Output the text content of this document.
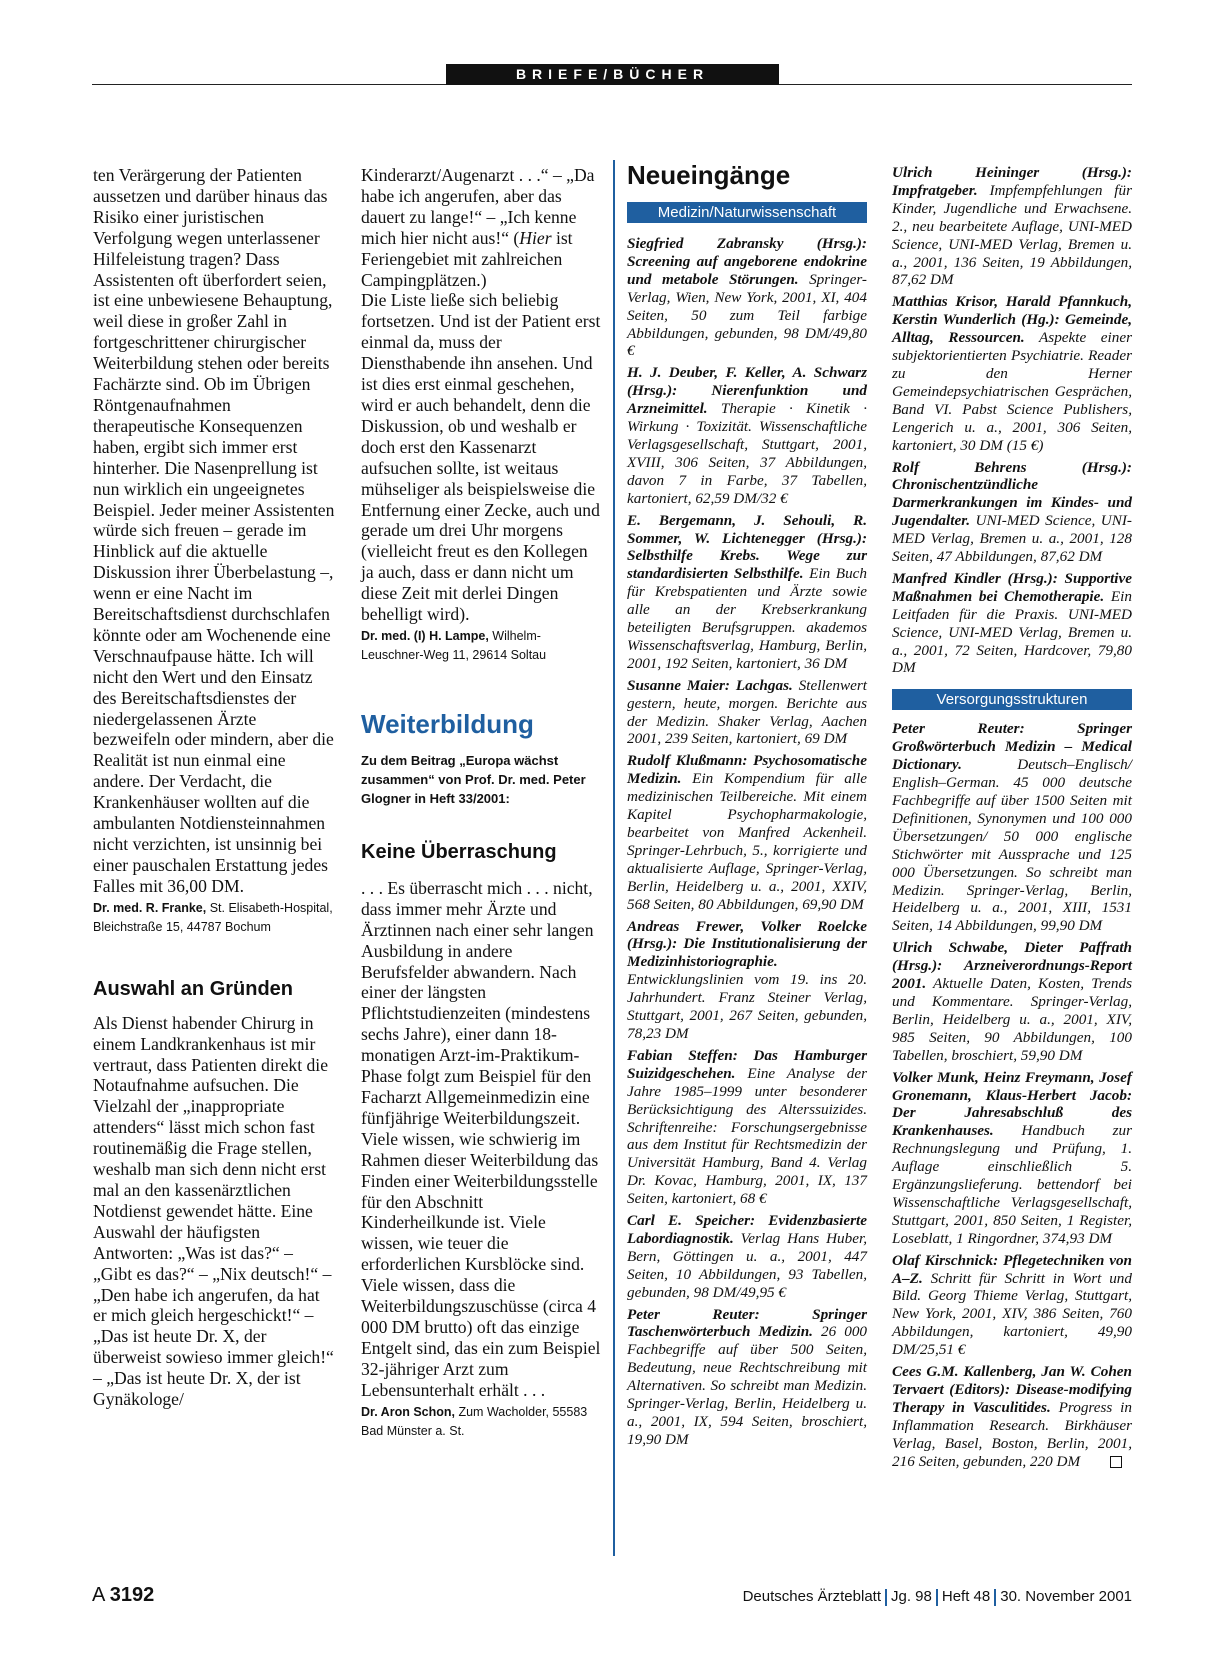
BRIEFE/BÜCHER

ten Verärgerung der Patienten aussetzen und darüber hinaus das Risiko einer juristischen Verfolgung wegen unterlassener Hilfeleistung tragen? Dass Assistenten oft überfordert seien, ist eine unbewiesene Behauptung, weil diese in großer Zahl in fortgeschrittener chirurgischer Weiterbildung stehen oder bereits Fachärzte sind. Ob im Übrigen Röntgenaufnahmen therapeutische Konsequenzen haben, ergibt sich immer erst hinterher. Die Nasenprellung ist nun wirklich ein ungeeignetes Beispiel. Jeder meiner Assistenten würde sich freuen – gerade im Hinblick auf die aktuelle Diskussion ihrer Überbelastung –, wenn er eine Nacht im Bereitschaftsdienst durchschlafen könnte oder am Wochenende eine Verschnaufpause hätte. Ich will nicht den Wert und den Einsatz des Bereitschaftsdienstes der niedergelassenen Ärzte bezweifeln oder mindern, aber die Realität ist nun einmal eine andere. Der Verdacht, die Krankenhäuser wollten auf die ambulanten Notdiensteinnahmen nicht verzichten, ist unsinnig bei einer pauschalen Erstattung jedes Falles mit 36,00 DM.

Dr. med. R. Franke, St. Elisabeth-Hospital, Bleichstraße 15, 44787 Bochum

Auswahl an Gründen

Als Dienst habender Chirurg in einem Landkrankenhaus ist mir vertraut, dass Patienten direkt die Notaufnahme aufsuchen. Die Vielzahl der „inappropriate attenders“ lässt mich schon fast routinemäßig die Frage stellen, weshalb man sich denn nicht erst mal an den kassenärztlichen Notdienst gewendet hätte. Eine Auswahl der häufigsten Antworten: „Was ist das?“ – „Gibt es das?“ – „Nix deutsch!“ – „Den habe ich angerufen, da hat er mich gleich hergeschickt!“ – „Das ist heute Dr. X, der überweist sowieso immer gleich!“ – „Das ist heute Dr. X, der ist Gynäkologe/

Kinderarzt/Augenarzt . . .“ – „Da habe ich angerufen, aber das dauert zu lange!“ – „Ich kenne mich hier nicht aus!“ (Hier ist Feriengebiet mit zahlreichen Campingplätzen.)

Die Liste ließe sich beliebig fortsetzen. Und ist der Patient erst einmal da, muss der Diensthabende ihn ansehen. Und ist dies erst einmal geschehen, wird er auch behandelt, denn die Diskussion, ob und weshalb er doch erst den Kassenarzt aufsuchen sollte, ist weitaus mühseliger als beispielsweise die Entfernung einer Zecke, auch und gerade um drei Uhr morgens (vielleicht freut es den Kollegen ja auch, dass er dann nicht um diese Zeit mit derlei Dingen behelligt wird).

Dr. med. (I) H. Lampe, Wilhelm-Leuschner-Weg 11, 29614 Soltau

Weiterbildung

Zu dem Beitrag „Europa wächst zusammen“ von Prof. Dr. med. Peter Glogner in Heft 33/2001:

Keine Überraschung

. . . Es überrascht mich . . . nicht, dass immer mehr Ärzte und Ärztinnen nach einer sehr langen Ausbildung in andere Berufsfelder abwandern. Nach einer der längsten Pflichtstudienzeiten (mindestens sechs Jahre), einer dann 18-monatigen Arzt-im-Praktikum-Phase folgt zum Beispiel für den Facharzt Allgemeinmedizin eine fünfjährige Weiterbildungszeit. Viele wissen, wie schwierig im Rahmen dieser Weiterbildung das Finden einer Weiterbildungsstelle für den Abschnitt Kinderheilkunde ist. Viele wissen, wie teuer die erforderlichen Kursblöcke sind. Viele wissen, dass die Weiterbildungszuschüsse (circa 4 000 DM brutto) oft das einzige Entgelt sind, das ein zum Beispiel 32-jähriger Arzt zum Lebensunterhalt erhält . . .

Dr. Aron Schon, Zum Wacholder, 55583 Bad Münster a. St.

Neueingänge
Medizin/Naturwissenschaft

Siegfried Zabransky (Hrsg.): Screening auf angeborene endokrine und metabole Störungen. Springer-Verlag, Wien, New York, 2001, XI, 404 Seiten, 50 zum Teil farbige Abbildungen, gebunden, 98 DM/49,80 €

H. J. Deuber, F. Keller, A. Schwarz (Hrsg.): Nierenfunktion und Arzneimittel. Therapie · Kinetik · Wirkung · Toxizität. Wissenschaftliche Verlagsgesellschaft, Stuttgart, 2001, XVIII, 306 Seiten, 37 Abbildungen, davon 7 in Farbe, 37 Tabellen, kartoniert, 62,59 DM/32 €

E. Bergemann, J. Sehouli, R. Sommer, W. Lichtenegger (Hrsg.): Selbsthilfe Krebs. Wege zur standardisierten Selbsthilfe. Ein Buch für Krebspatienten und Ärzte sowie alle an der Krebserkrankung beteiligten Berufsgruppen. akademos Wissenschaftsverlag, Hamburg, Berlin, 2001, 192 Seiten, kartoniert, 36 DM

Susanne Maier: Lachgas. Stellenwert gestern, heute, morgen. Berichte aus der Medizin. Shaker Verlag, Aachen 2001, 239 Seiten, kartoniert, 69 DM

Rudolf Klußmann: Psychosomatische Medizin. Ein Kompendium für alle medizinischen Teilbereiche. Mit einem Kapitel Psychopharmakologie, bearbeitet von Manfred Ackenheil. Springer-Lehrbuch, 5., korrigierte und aktualisierte Auflage, Springer-Verlag, Berlin, Heidelberg u. a., 2001, XXIV, 568 Seiten, 80 Abbildungen, 69,90 DM

Andreas Frewer, Volker Roelcke (Hrsg.): Die Institutionalisierung der Medizinhistoriographie. Entwicklungslinien vom 19. ins 20. Jahrhundert. Franz Steiner Verlag, Stuttgart, 2001, 267 Seiten, gebunden, 78,23 DM

Fabian Steffen: Das Hamburger Suizidgeschehen. Eine Analyse der Jahre 1985–1999 unter besonderer Berücksichtigung des Alterssuizides. Schriftenreihe: Forschungsergebnisse aus dem Institut für Rechtsmedizin der Universität Hamburg, Band 4. Verlag Dr. Kovac, Hamburg, 2001, IX, 137 Seiten, kartoniert, 68 €

Carl E. Speicher: Evidenzbasierte Labordiagnostik. Verlag Hans Huber, Bern, Göttingen u. a., 2001, 447 Seiten, 10 Abbildungen, 93 Tabellen, gebunden, 98 DM/49,95 €

Peter Reuter: Springer Taschenwörterbuch Medizin. 26 000 Fachbegriffe auf über 500 Seiten, Bedeutung, neue Rechtschreibung mit Alternativen. So schreibt man Medizin. Springer-Verlag, Berlin, Heidelberg u. a., 2001, IX, 594 Seiten, broschiert, 19,90 DM

Ulrich Heininger (Hrsg.): Impfratgeber. Impfempfehlungen für Kinder, Jugendliche und Erwachsene. 2., neu bearbeitete Auflage, UNI-MED Science, UNI-MED Verlag, Bremen u. a., 2001, 136 Seiten, 19 Abbildungen, 87,62 DM

Matthias Krisor, Harald Pfannkuch, Kerstin Wunderlich (Hg.): Gemeinde, Alltag, Ressourcen. Aspekte einer subjektorientierten Psychiatrie. Reader zu den Herner Gemeindepsychiatrischen Gesprächen, Band VI. Pabst Science Publishers, Lengerich u. a., 2001, 306 Seiten, kartoniert, 30 DM (15 €)

Rolf Behrens (Hrsg.): Chronischentzündliche Darmerkrankungen im Kindes- und Jugendalter. UNI-MED Science, UNI-MED Verlag, Bremen u. a., 2001, 128 Seiten, 47 Abbildungen, 87,62 DM

Manfred Kindler (Hrsg.): Supportive Maßnahmen bei Chemotherapie. Ein Leitfaden für die Praxis. UNI-MED Science, UNI-MED Verlag, Bremen u. a., 2001, 72 Seiten, Hardcover, 79,80 DM

Versorgungsstrukturen

Peter Reuter: Springer Großwörterbuch Medizin – Medical Dictionary. Deutsch–Englisch/ English–German. 45 000 deutsche Fachbegriffe auf über 1500 Seiten mit Definitionen, Synonymen und 100 000 Übersetzungen/ 50 000 englische Stichwörter mit Aussprache und 125 000 Übersetzungen. So schreibt man Medizin. Springer-Verlag, Berlin, Heidelberg u. a., 2001, XIII, 1531 Seiten, 14 Abbildungen, 99,90 DM

Ulrich Schwabe, Dieter Paffrath (Hrsg.): Arzneiverordnungs-Report 2001. Aktuelle Daten, Kosten, Trends und Kommentare. Springer-Verlag, Berlin, Heidelberg u. a., 2001, XIV, 985 Seiten, 90 Abbildungen, 100 Tabellen, broschiert, 59,90 DM

Volker Munk, Heinz Freymann, Josef Gronemann, Klaus-Herbert Jacob: Der Jahresabschluß des Krankenhauses. Handbuch zur Rechnungslegung und Prüfung, 1. Auflage einschließlich 5. Ergänzungslieferung. bettendorf bei Wissenschaftliche Verlagsgesellschaft, Stuttgart, 2001, 850 Seiten, 1 Register, Loseblatt, 1 Ringordner, 374,93 DM

Olaf Kirschnick: Pflegetechniken von A–Z. Schritt für Schritt in Wort und Bild. Georg Thieme Verlag, Stuttgart, New York, 2001, XIV, 386 Seiten, 760 Abbildungen, kartoniert, 49,90 DM/25,51 €

Cees G.M. Kallenberg, Jan W. Cohen Tervaert (Editors): Disease-modifying Therapy in Vasculitides. Progress in Inflammation Research. Birkhäuser Verlag, Basel, Boston, Berlin, 2001, 216 Seiten, gebunden, 220 DM

A 3192	Deutsches Ärzteblatt Jg. 98 Heft 48 30. November 2001
